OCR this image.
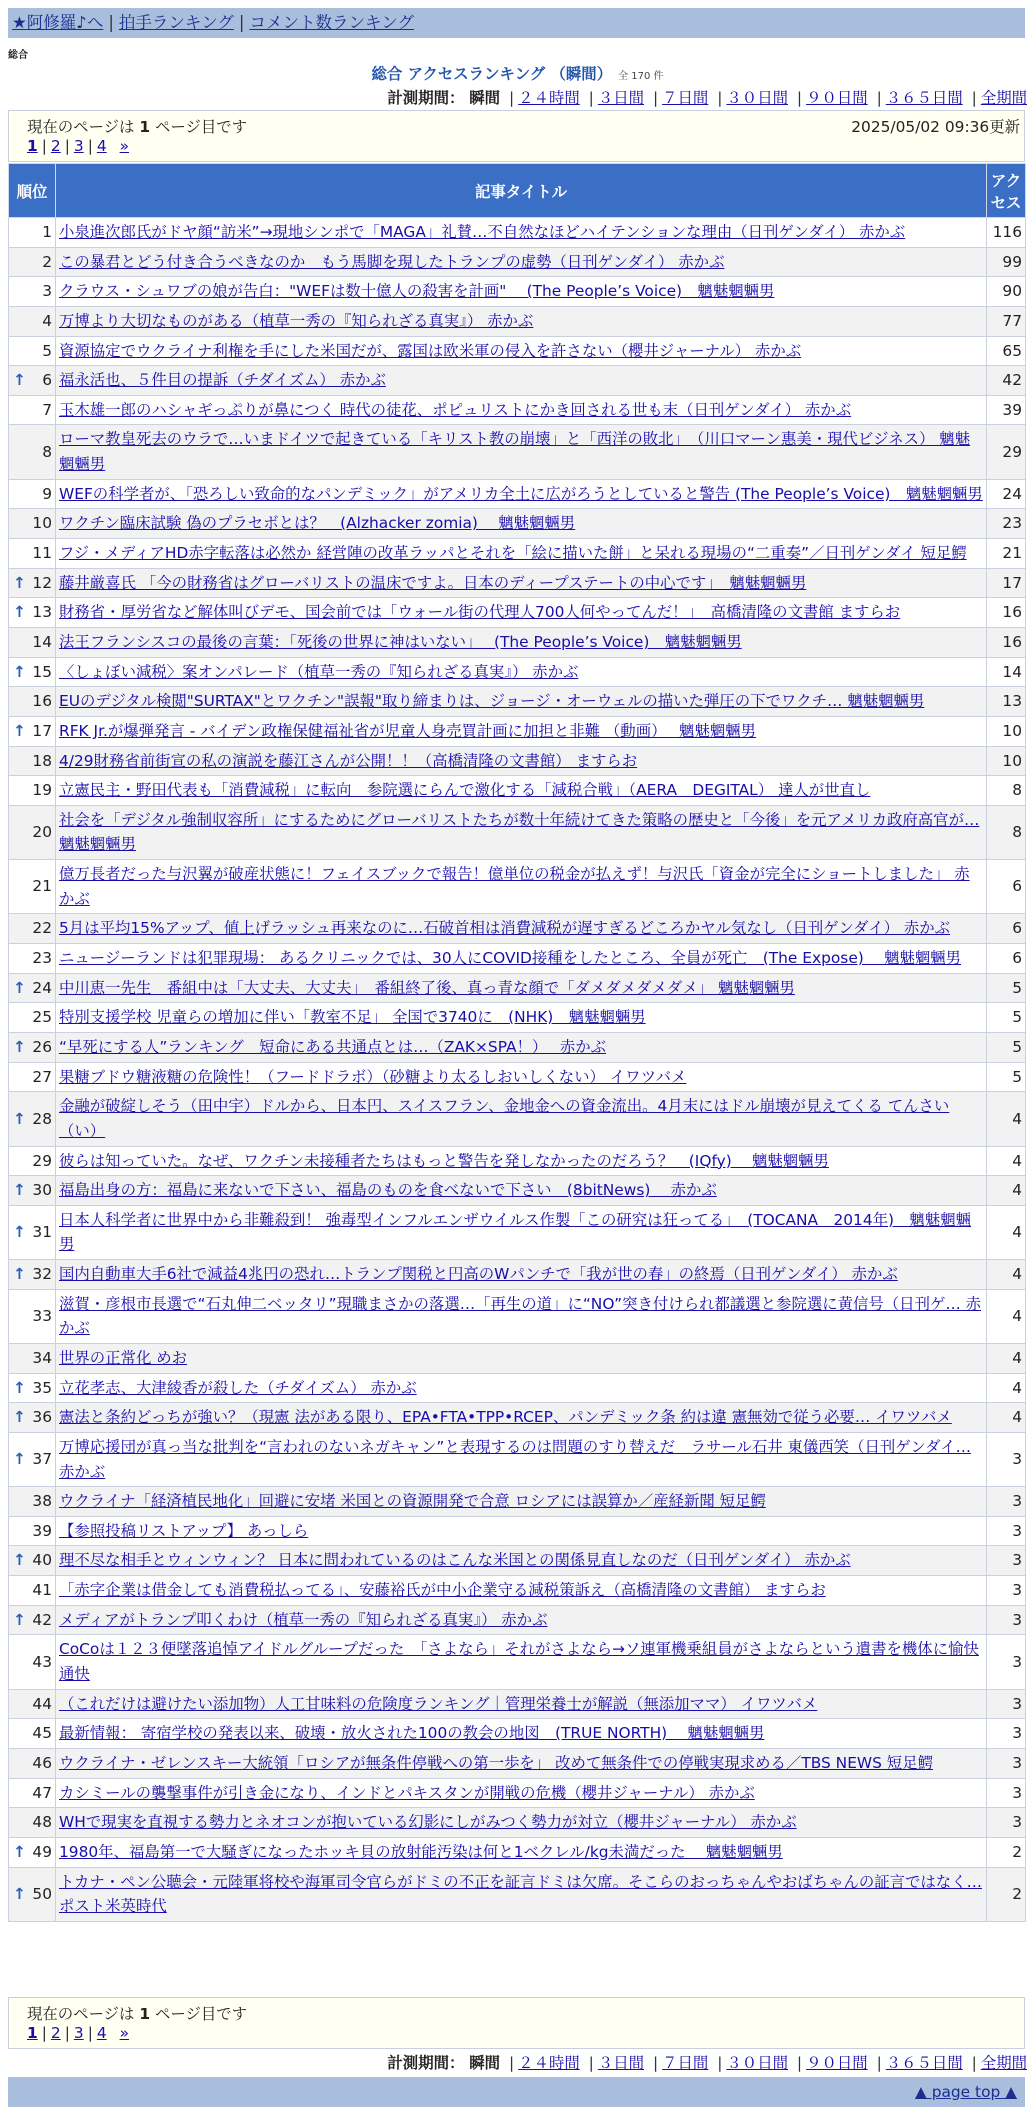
★阿修羅♪へ | 拍手ランキング | コメント数ランキング
総合
総合 アクセスランキング （瞬間） 全 170 件
計測期間： 瞬間 | ２４時間 | ３日間 | ７日間 | ３０日間 | ９０日間 | ３６５日間 | 全期間
現在のページは 1 ページ目です	2025/05/02 09:36更新
1 | 2 | 3 | 4 »
順位	記事タイトル	アクセス
1	小泉進次郎氏がドヤ顔“訪米”→現地シンポで「MAGA」礼賛…不自然なほどハイテンションな理由（日刊ゲンダイ） 赤かぶ	116
2	この暴君とどう付き合うべきなのか　もう馬脚を現したトランプの虚勢（日刊ゲンダイ） 赤かぶ	99
3	クラウス・シュワブの娘が告白："WEFは数十億人の殺害を計画"　 (The People’s Voice)　魑魅魍魎男	90
4	万博より大切なものがある（植草一秀の『知られざる真実』） 赤かぶ	77
5	資源協定でウクライナ利権を手にした米国だが、露国は欧米軍の侵入を許さない（櫻井ジャーナル） 赤かぶ	65

↑ 6	福永活也、５件目の提訴（チダイズム） 赤かぶ	42
7	玉木雄一郎のハシャギっぷりが鼻につく 時代の徒花、ポピュリストにかき回される世も末（日刊ゲンダイ） 赤かぶ	39
8	ローマ教皇死去のウラで…いまドイツで起きている「キリスト教の崩壊」と「西洋の敗北」　（川口マーン惠美・現代ビジネス） 魑魅魍魎男	29
9	WEFの科学者が、「恐ろしい致命的なパンデミック」がアメリカ全土に広がろうとしていると警告 (The People’s Voice)　魑魅魍魎男	24
10	ワクチン臨床試験 偽のプラセボとは？　(Alzhacker zomia)　 魑魅魍魎男	23
11	フジ・メディアHD赤字転落は必然か 経営陣の改革ラッパとそれを「絵に描いた餅」と呆れる現場の“二重奏”／日刊ゲンダイ 短足鰐	21

↑ 12	藤井厳喜氏 「今の財務省はグローバリストの温床ですよ。日本のディープステートの中心です」　魑魅魍魎男	17

↑ 13	財務省・厚労省など解体叫びデモ、国会前では「ウォール街の代理人700人何やってんだ！」　高橋清隆の文書館 ますらお	16
14	法王フランシスコの最後の言葉：「死後の世界に神はいない」　 (The People’s Voice)　魑魅魍魎男	16

↑ 15	〈しょぼい減税〉案オンパレード（植草一秀の『知られざる真実』） 赤かぶ	14
16	EUのデジタル検閲"SURTAX"とワクチン"誤報"取り締まりは、ジョージ・オーウェルの描いた弾圧の下でワクチ… 魑魅魍魎男	13

↑ 17	RFK Jr.が爆弾発言 - バイデン政権保健福祉省が児童人身売買計画に加担と非難 （動画）　 魑魅魍魎男	10
18	4/29財務省前街宣の私の演説を藤江さんが公開！！（高橋清隆の文書館） ますらお	10
19	立憲民主・野田代表も「消費減税」に転向　参院選にらんで激化する「減税合戦」（AERA　DEGITAL） 達人が世直し	8
20	社会を「デジタル強制収容所」にするためにグローバリストたちが数十年続けてきた策略の歴史と「今後」を元アメリカ政府高官が… 魑魅魍魎男	8
21	億万長者だった与沢翼が破産状態に！フェイスブックで報告！億単位の税金が払えず！与沢氏「資金が完全にショートしました」 赤かぶ	6
22	5月は平均15%アップ、値上げラッシュ再来なのに…石破首相は消費減税が遅すぎるどころかヤル気なし（日刊ゲンダイ） 赤かぶ	6
23	ニュージーランドは犯罪現場： あるクリニックでは、30人にCOVID接種をしたところ、全員が死亡　(The Expose)　 魑魅魍魎男	6

↑ 24	中川恵一先生　番組中は「大丈夫、大丈夫」　番組終了後、真っ青な顔で「ダメダメダメダメ」 魑魅魍魎男	5
25	特別支援学校 児童らの増加に伴い「教室不足」 全国で3740に　(NHK)　魑魅魍魎男	5

↑ 26	“早死にする人”ランキング　短命にある共通点とは…（ZAK×SPA！）　 赤かぶ	5
27	果糖ブドウ糖液糖の危険性！（フードドラボ）（砂糖より太るしおいしくない） イワツバメ	5

↑ 28	金融が破綻しそう（田中宇）ドルから、日本円、スイスフラン、金地金への資金流出。4月末にはドル崩壊が見えてくる てんさい（い）	4
29	彼らは知っていた。なぜ、ワクチン未接種者たちはもっと警告を発しなかったのだろう？　(IQfy)　 魑魅魍魎男	4

↑ 30	福島出身の方：福島に来ないで下さい、福島のものを食べないで下さい　(8bitNews)　 赤かぶ	4

↑ 31	日本人科学者に世界中から非難殺到！ 強毒型インフルエンザウイルス作製「この研究は狂ってる」　(TOCANA　2014年)　魑魅魍魎男	4

↑ 32	国内自動車大手6社で減益4兆円の恐れ…トランプ関税と円高のWパンチで「我が世の春」の終焉（日刊ゲンダイ） 赤かぶ	4
33	滋賀・彦根市長選で“石丸伸二ベッタリ”現職まさかの落選…「再生の道」に“NO”突き付けられ都議選と参院選に黄信号（日刊ゲ… 赤かぶ	4
34	世界の正常化 めお	4

↑ 35	立花孝志、大津綾香が殺した（チダイズム） 赤かぶ	4

↑ 36	憲法と条約どっちが強い？（現憲 法がある限り、EPA•FTA•TPP•RCEP、パンデミック条 約は違 憲無効で従う必要… イワツバメ	4

↑ 37	万博応援団が真っ当な批判を“言われのないネガキャン”と表現するのは問題のすり替えだ　ラサール石井 東儀西笑（日刊ゲンダイ… 赤かぶ	3
38	ウクライナ「経済植民地化」回避に安堵 米国との資源開発で合意 ロシアには誤算か／産経新聞 短足鰐	3
39	【参照投稿リストアップ】 あっしら	3

↑ 40	理不尽な相手とウィンウィン？ 日本に問われているのはこんな米国との関係見直しなのだ（日刊ゲンダイ） 赤かぶ	3
41	「赤字企業は借金しても消費税払ってる」、安藤裕氏が中小企業守る減税策訴え（高橋清隆の文書館） ますらお	3

↑ 42	メディアがトランプ叩くわけ（植草一秀の『知られざる真実』） 赤かぶ	3
43	CoCoは１２３便墜落追悼アイドルグループだった　「さよなら」それがさよなら→ソ連軍機乗組員がさよならという遺書を機体に愉快通快	3
44	（これだけは避けたい添加物）人工甘味料の危険度ランキング｜管理栄養士が解説（無添加ママ） イワツバメ	3
45	最新情報： 寄宿学校の発表以来、破壊・放火された100の教会の地図　(TRUE NORTH)　 魑魅魍魎男	3
46	ウクライナ・ゼレンスキー大統領「ロシアが無条件停戦への第一歩を」 改めて無条件での停戦実現求める／TBS NEWS 短足鰐	3
47	カシミールの襲撃事件が引き金になり、インドとパキスタンが開戦の危機（櫻井ジャーナル） 赤かぶ	3
48	WHで現実を直視する勢力とネオコンが抱いている幻影にしがみつく勢力が対立（櫻井ジャーナル） 赤かぶ	3

↑ 49	1980年、福島第一で大騒ぎになったホッキ貝の放射能汚染は何と1ベクレル/kg未満だった　 魑魅魍魎男	2

↑ 50	トカナ・ペン公聴会・元陸軍将校や海軍司令官らがドミの不正を証言ドミは欠席。そこらのおっちゃんやおばちゃんの証言ではなく… ポスト米英時代	2
現在のページは 1 ページ目です
1 | 2 | 3 | 4 »
計測期間： 瞬間 | ２４時間 | ３日間 | ７日間 | ３０日間 | ９０日間 | ３６５日間 | 全期間
▲ page top ▲
